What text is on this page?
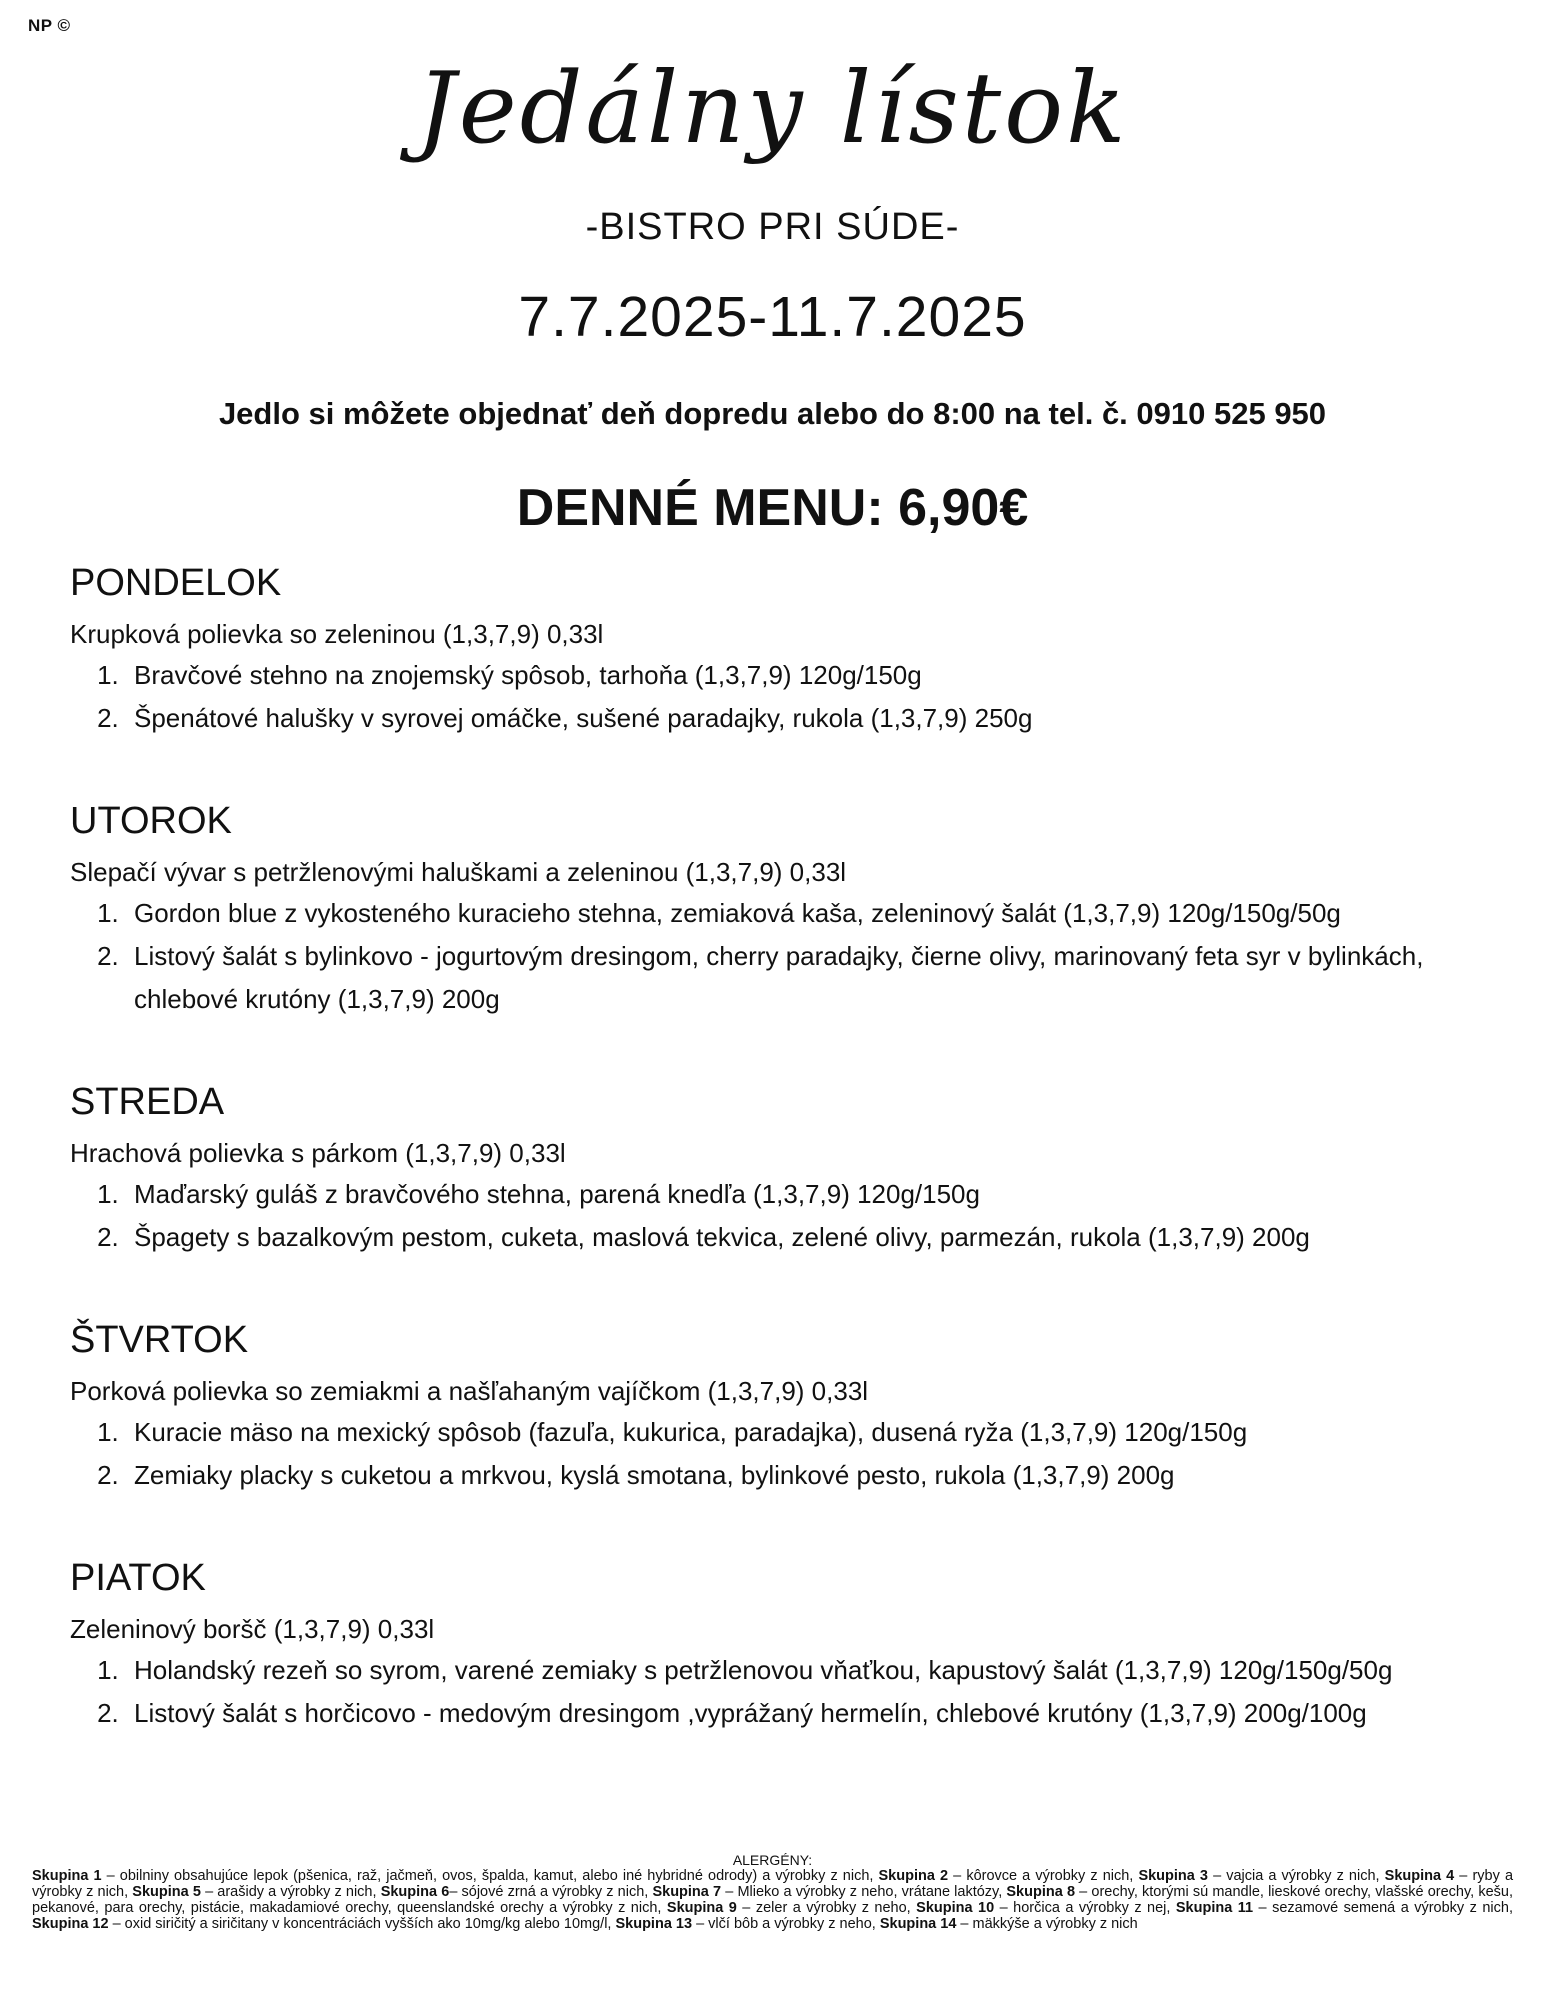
NP ©
Jedálny lístok
-BISTRO PRI SÚDE-
7.7.2025-11.7.2025
Jedlo si môžete objednať deň dopredu alebo do 8:00 na tel. č. 0910 525 950
DENNÉ MENU: 6,90€
PONDELOK
Krupková polievka so zeleninou (1,3,7,9) 0,33l
1. Bravčové stehno na znojemský spôsob, tarhoňa (1,3,7,9) 120g/150g
2. Špenátové halušky v syrovej omáčke, sušené paradajky, rukola (1,3,7,9) 250g
UTOROK
Slepačí vývar s petržlenovými haluškami a zeleninou (1,3,7,9) 0,33l
1. Gordon blue z vykosteného kuracieho stehna, zemiaková kaša, zeleninový šalát (1,3,7,9) 120g/150g/50g
2. Listový šalát s bylinkovo - jogurtovým dresingom, cherry paradajky, čierne olivy, marinovaný feta syr v bylinkách, chlebové krutóny (1,3,7,9) 200g
STREDA
Hrachová polievka s párkom (1,3,7,9) 0,33l
1. Maďarský guláš z bravčového stehna, parená knedľa (1,3,7,9) 120g/150g
2. Špagety s bazalkovým pestom, cuketa, maslová tekvica, zelené olivy, parmezán, rukola (1,3,7,9) 200g
ŠTVRTOK
Porková polievka so zemiakmi a našľahaným vajíčkom (1,3,7,9) 0,33l
1. Kuracie mäso na mexický spôsob (fazuľa, kukurica, paradajka), dusená ryža (1,3,7,9) 120g/150g
2. Zemiaky placky s cuketou a mrkvou, kyslá smotana, bylinkové pesto, rukola (1,3,7,9) 200g
PIATOK
Zeleninový boršč (1,3,7,9) 0,33l
1. Holandský rezeň so syrom, varené zemiaky s petržlenovou vňaťkou, kapustový šalát (1,3,7,9) 120g/150g/50g
2. Listový šalát s horčicovo - medovým dresingom ,vyprážaný hermelín, chlebové krutóny (1,3,7,9) 200g/100g
ALERGÉNY:
Skupina 1 – obilniny obsahujúce lepok (pšenica, raž, jačmeň, ovos, špalda, kamut, alebo iné hybridné odrody) a výrobky z nich, Skupina 2 – kôrovce a výrobky z nich, Skupina 3 – vajcia a výrobky z nich, Skupina 4 – ryby a výrobky z nich, Skupina 5 – arašidy a výrobky z nich, Skupina 6– sójové zrná a výrobky z nich, Skupina 7 – Mlieko a výrobky z neho, vrátane laktózy, Skupina 8 – orechy, ktorými sú mandle, lieskové orechy, vlašské orechy, kešu, pekanové, para orechy, pistácie, makadamiové orechy, queenslandské orechy a výrobky z nich, Skupina 9 – zeler a výrobky z neho, Skupina 10 – horčica a výrobky z nej, Skupina 11 – sezamové semená a výrobky z nich, Skupina 12 – oxid siričitý a siričitany v koncentráciách vyšších ako 10mg/kg alebo 10mg/l, Skupina 13 – vlčí bôb a výrobky z neho, Skupina 14 – mäkkýše a výrobky z nich
